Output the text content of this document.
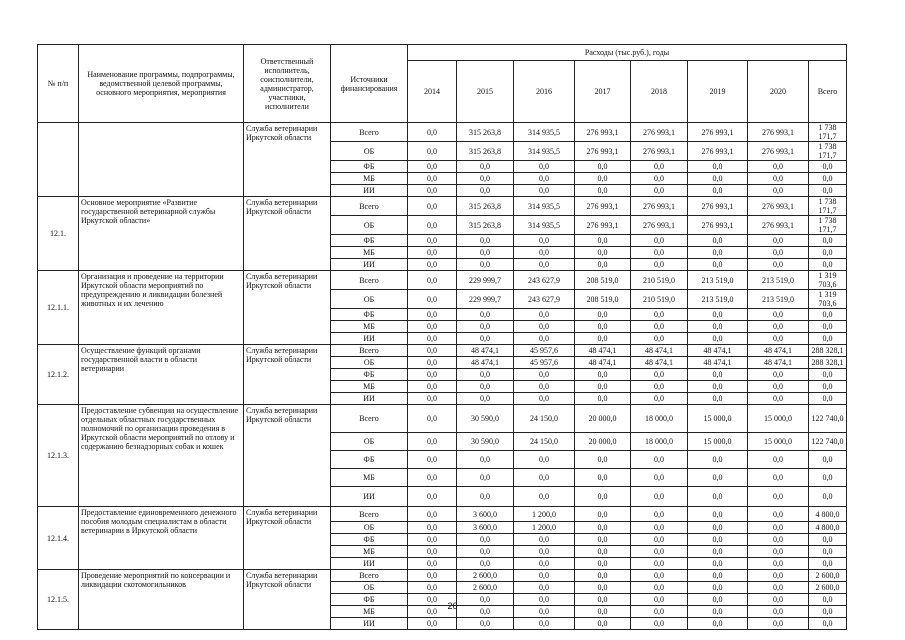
№ п/п	Наименование программы, подпрограммы, ведомственной целевой программы, основного мероприятия, мероприятия	Ответственный исполнитель, соисполнители, администратор, участники, исполнители	Источники финансирования	Расходы (тыс.руб.), годы							
				2014	2015	2016	2017	2018	2019	2020	Всего
		Служба ветеринарии Иркутской области	Всего	0,0	315 263,8	314 935,5	276 993,1	276 993,1	276 993,1	276 993,1	1 738 171,7
			ОБ	0,0	315 263,8	314 935,5	276 993,1	276 993,1	276 993,1	276 993,1	1 738 171,7
			ФБ	0,0	0,0	0,0	0,0	0,0	0,0	0,0	0,0
			МБ	0,0	0,0	0,0	0,0	0,0	0,0	0,0	0,0
			ИИ	0,0	0,0	0,0	0,0	0,0	0,0	0,0	0,0
12.1.	Основное мероприятие «Развитие государственной ветеринарной службы Иркутской области»	Служба ветеринарии Иркутской области	Всего	0,0	315 263,8	314 935,5	276 993,1	276 993,1	276 993,1	276 993,1	1 738 171,7
			ОБ	0,0	315 263,8	314 935,5	276 993,1	276 993,1	276 993,1	276 993,1	1 738 171,7
			ФБ	0,0	0,0	0,0	0,0	0,0	0,0	0,0	0,0
			МБ	0,0	0,0	0,0	0,0	0,0	0,0	0,0	0,0
			ИИ	0,0	0,0	0,0	0,0	0,0	0,0	0,0	0,0
12.1.1.	Организация и проведение на территории Иркутской области мероприятий по предупреждению и ликвидации болезней животных и их лечению	Служба ветеринарии Иркутской области	Всего	0,0	229 999,7	243 627,9	208 519,0	210 519,0	213 519,0	213 519,0	1 319 703,6
			ОБ	0,0	229 999,7	243 627,9	208 519,0	210 519,0	213 519,0	213 519,0	1 319 703,6
			ФБ	0,0	0,0	0,0	0,0	0,0	0,0	0,0	0,0
			МБ	0,0	0,0	0,0	0,0	0,0	0,0	0,0	0,0
			ИИ	0,0	0,0	0,0	0,0	0,0	0,0	0,0	0,0
12.1.2.	Осуществление функций органами государственной власти в области ветеринарии	Служба ветеринарии Иркутской области	Всего	0,0	48 474,1	45 957,6	48 474,1	48 474,1	48 474,1	48 474,1	288 328,1
			ОБ	0,0	48 474,1	45 957,6	48 474,1	48 474,1	48 474,1	48 474,1	288 328,1
			ФБ	0,0	0,0	0,0	0,0	0,0	0,0	0,0	0,0
			МБ	0,0	0,0	0,0	0,0	0,0	0,0	0,0	0,0
			ИИ	0,0	0,0	0,0	0,0	0,0	0,0	0,0	0,0
12.1.3.	Предоставление субвенции на осуществление отдельных областных государственных полномочий по организации проведения в Иркутской области мероприятий по отлову и содержанию безнадзорных собак и кошек	Служба ветеринарии Иркутской области	Всего	0,0	30 590,0	24 150,0	20 000,0	18 000,0	15 000,0	15 000,0	122 740,0
			ОБ	0,0	30 590,0	24 150,0	20 000,0	18 000,0	15 000,0	15 000,0	122 740,0
			ФБ	0,0	0,0	0,0	0,0	0,0	0,0	0,0	0,0
			МБ	0,0	0,0	0,0	0,0	0,0	0,0	0,0	0,0
			ИИ	0,0	0,0	0,0	0,0	0,0	0,0	0,0	0,0
12.1.4.	Предоставление единовременного денежного пособия молодым специалистам в области ветеринарии в Иркутской области	Служба ветеринарии Иркутской области	Всего	0,0	3 600,0	1 200,0	0,0	0,0	0,0	0,0	4 800,0
			ОБ	0,0	3 600,0	1 200,0	0,0	0,0	0,0	0,0	4 800,0
			ФБ	0,0	0,0	0,0	0,0	0,0	0,0	0,0	0,0
			МБ	0,0	0,0	0,0	0,0	0,0	0,0	0,0	0,0
			ИИ	0,0	0,0	0,0	0,0	0,0	0,0	0,0	0,0
12.1.5.	Проведение мероприятий по консервации и ликвидации скотомогильников	Служба ветеринарии Иркутской области	Всего	0,0	2 600,0	0,0	0,0	0,0	0,0	0,0	2 600,0
			ОБ	0,0	2 600,0	0,0	0,0	0,0	0,0	0,0	2 600,0
			ФБ	0,0	0,0	0,0	0,0	0,0	0,0	0,0	0,0
			МБ	0,0	0,0	0,0	0,0	0,0	0,0	0,0	0,0
			ИИ	0,0	0,0	0,0	0,0	0,0	0,0	0,0	0,0
26
